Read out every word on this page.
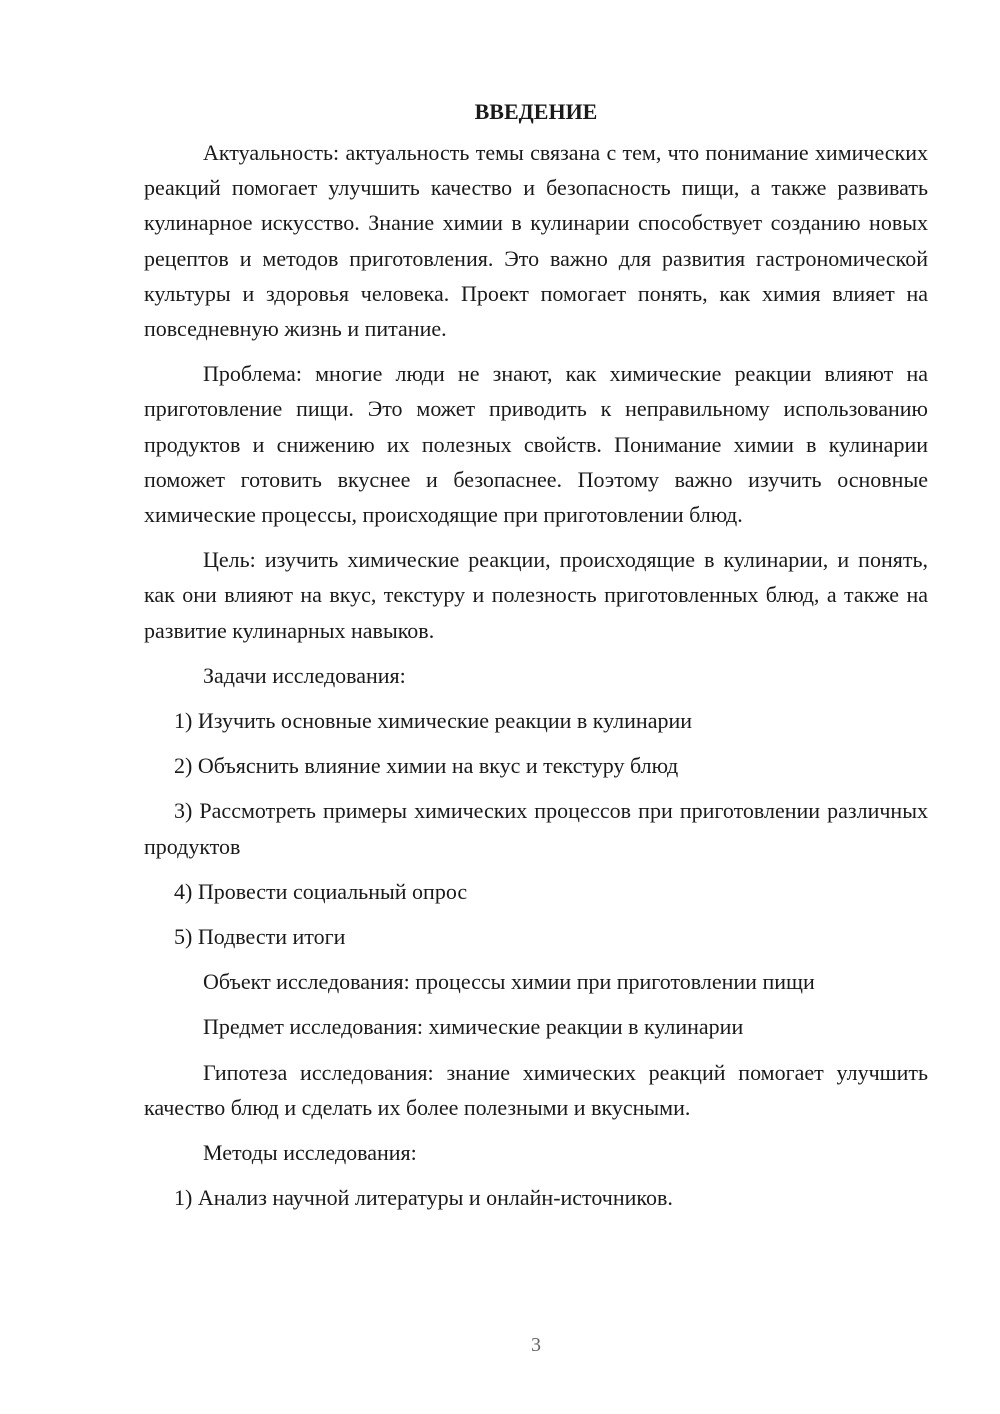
ВВЕДЕНИЕ

Актуальность: актуальность темы связана с тем, что понимание химических реакций помогает улучшить качество и безопасность пищи, а также развивать кулинарное искусство. Знание химии в кулинарии способствует созданию новых рецептов и методов приготовления. Это важно для развития гастрономической культуры и здоровья человека. Проект помогает понять, как химия влияет на повседневную жизнь и питание.

Проблема: многие люди не знают, как химические реакции влияют на приготовление пищи. Это может приводить к неправильному использованию продуктов и снижению их полезных свойств. Понимание химии в кулинарии поможет готовить вкуснее и безопаснее. Поэтому важно изучить основные химические процессы, происходящие при приготовлении блюд.

Цель: изучить химические реакции, происходящие в кулинарии, и понять, как они влияют на вкус, текстуру и полезность приготовленных блюд, а также на развитие кулинарных навыков.

Задачи исследования:

1) Изучить основные химические реакции в кулинарии

2) Объяснить влияние химии на вкус и текстуру блюд

3) Рассмотреть примеры химических процессов при приготовлении различных продуктов

4) Провести социальный опрос

5) Подвести итоги

Объект исследования: процессы химии при приготовлении пищи

Предмет исследования: химические реакции в кулинарии

Гипотеза исследования: знание химических реакций помогает улучшить качество блюд и сделать их более полезными и вкусными.

Методы исследования:

1) Анализ научной литературы и онлайн-источников.

3
